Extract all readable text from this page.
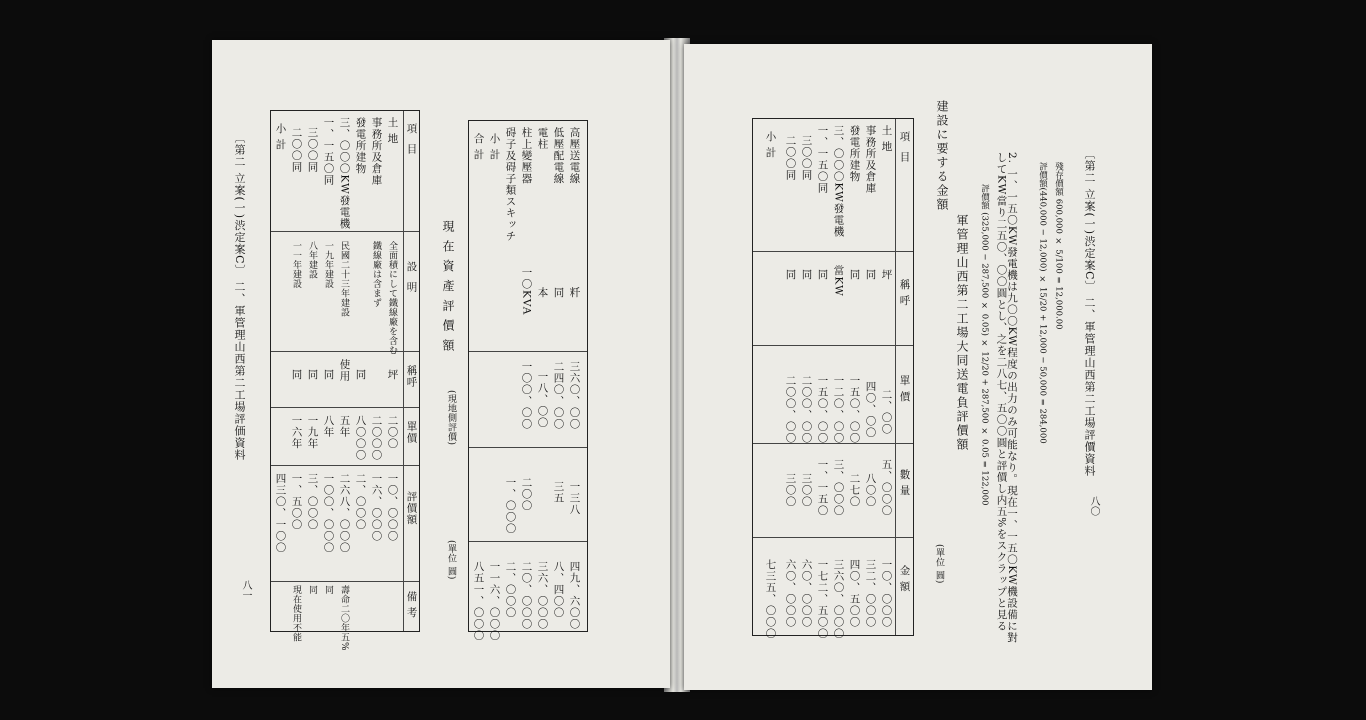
〔第二 立案(一)渋定案C〕 二、軍管理山西第二工場評価資料
八一
項  目
設  明
稱呼
單價
評價額
備 考
土 地
全面積にして鐵線廠を含む
坪
二〇〇
一〇、〇〇〇
事務所及倉庫
鐵線廠は含まず
二〇〇〇
一六、〇〇〇
發電所建物
同
八〇〇〇
二、〇〇〇
三、〇〇〇KW發電機
民國二十三年建設
使用
五年
二六八、〇〇〇
壽命二〇年五%
一、一五〇同
一九年建設
同
八年
一〇〇、〇〇〇
同
三〇〇同
八年建設
同
一九年
三、〇〇〇
同
二〇〇同
一一年建設
同
一六年
一、五〇〇
現在使用不能
小 計
四三〇、一〇〇
現 在 資 產 評 價 額
(現地側評價)
(單位 圓)
高壓送電線
粁
三六〇、〇〇
一三八
四九、六〇〇
低壓配電線
同
二四〇、〇〇
三五
八、四〇〇
電柱
本
一八、〇〇
三六、〇〇〇
柱上變壓器
一〇KVA
一〇〇、〇〇
二〇〇
二〇、〇〇〇
碍子及碍子類スキッチ
一、〇〇〇
二、〇〇〇
小 計
一一六、〇〇〇
合 計
八五一、〇〇〇
項  目
稱 呼
單 價
數 量
金 額
土 地
坪
二、〇〇
五、〇〇〇
一〇、〇〇〇
事務所及倉庫
同
四〇、〇〇
八〇〇
三二、〇〇〇
發電所建物
同
一五〇、〇〇
二七〇
四〇、五〇〇
三、〇〇〇KW發電機
當KW
一二〇、〇〇
三、〇〇〇
三六〇、〇〇〇
一、一五〇同
同
一五〇、〇〇
一、一五〇
一七二、五〇〇
三〇〇同
同
二〇〇、〇〇
三〇〇
六〇、〇〇〇
二〇〇同
同
二〇〇、〇〇
三〇〇
六〇、〇〇〇
小 計
七三五、〇〇〇
建設に要する金額
軍管理山西第二工場大同送電負評價額
(單位 圓)
評價額 (325,000 − 287,500 × 0.05) × 12/20 + 287,500 × 0.05 = 122,000	2. 一、一五〇KW發電機は九〇〇KW程度の出力のみ可能なり。現在一、一五〇KW機設備に對してKW當り二五〇、〇〇圓とし、之を二八七、五〇〇圓と評價し内五%をスクラップと見る	評價額(440,000 − 12,000) × 15/20 + 12,000 − 50,000 = 284,000 殘存價額 600,000 × 5/100 = 12,000.00 〔第二 立案(一)渋定案C〕 二、軍管理山西第二工場評價資料
八〇
